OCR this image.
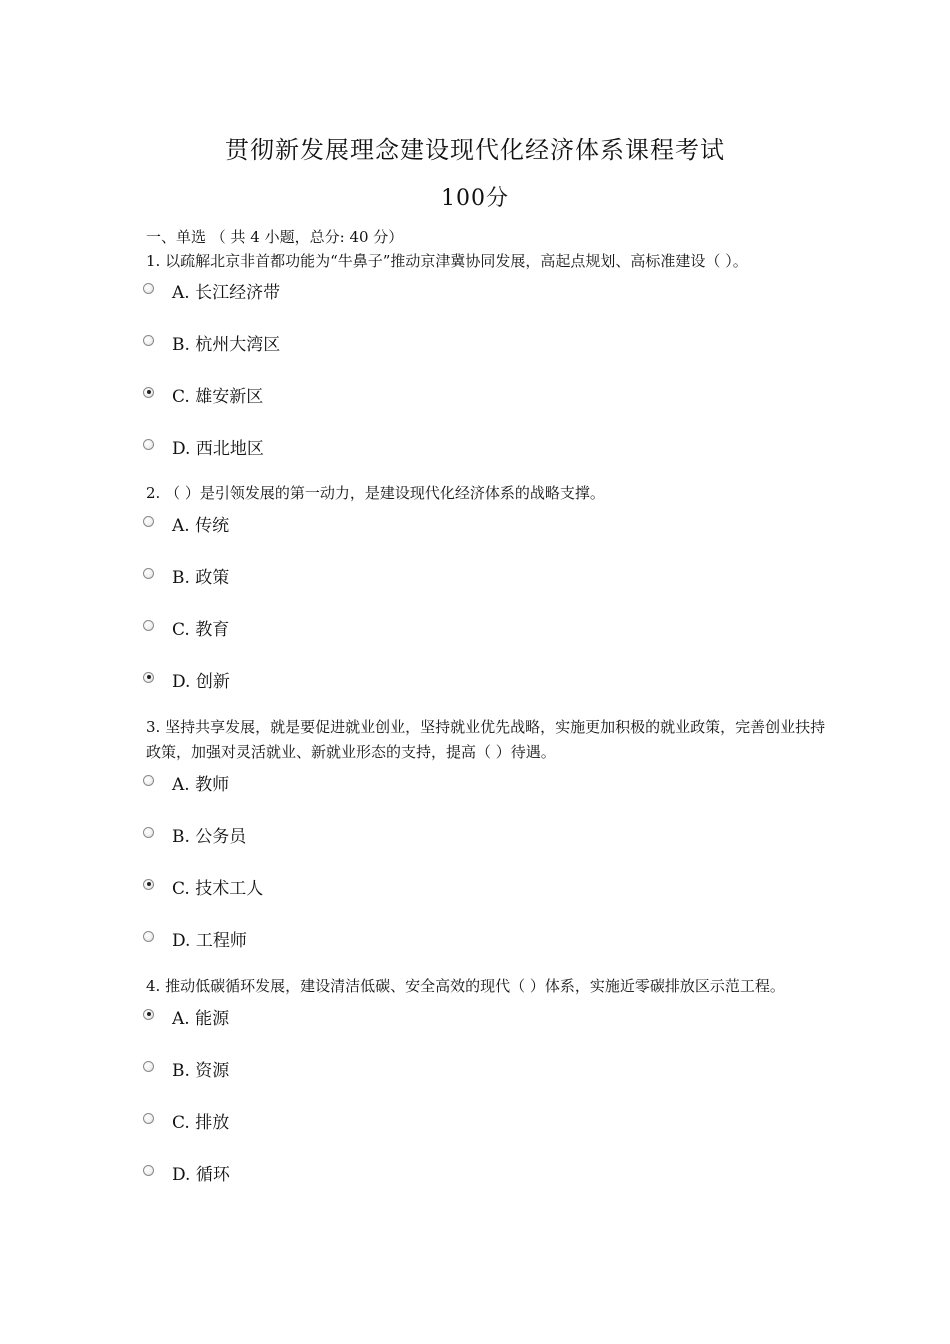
贯彻新发展理念建设现代化经济体系课程考试
100分
一、单选 （ 共 4 小题，总分: 40 分）
1. 以疏解北京非首都功能为“牛鼻子”推动京津冀协同发展，高起点规划、高标准建设（ ）。
A. 长江经济带
B. 杭州大湾区
C. 雄安新区
D. 西北地区
2. （ ）是引领发展的第一动力，是建设现代化经济体系的战略支撑。
A. 传统
B. 政策
C. 教育
D. 创新
3. 坚持共享发展，就是要促进就业创业，坚持就业优先战略，实施更加积极的就业政策，完善创业扶持政策，加强对灵活就业、新就业形态的支持，提高（ ）待遇。
A. 教师
B. 公务员
C. 技术工人
D. 工程师
4. 推动低碳循环发展，建设清洁低碳、安全高效的现代（ ）体系，实施近零碳排放区示范工程。
A. 能源
B. 资源
C. 排放
D. 循环
